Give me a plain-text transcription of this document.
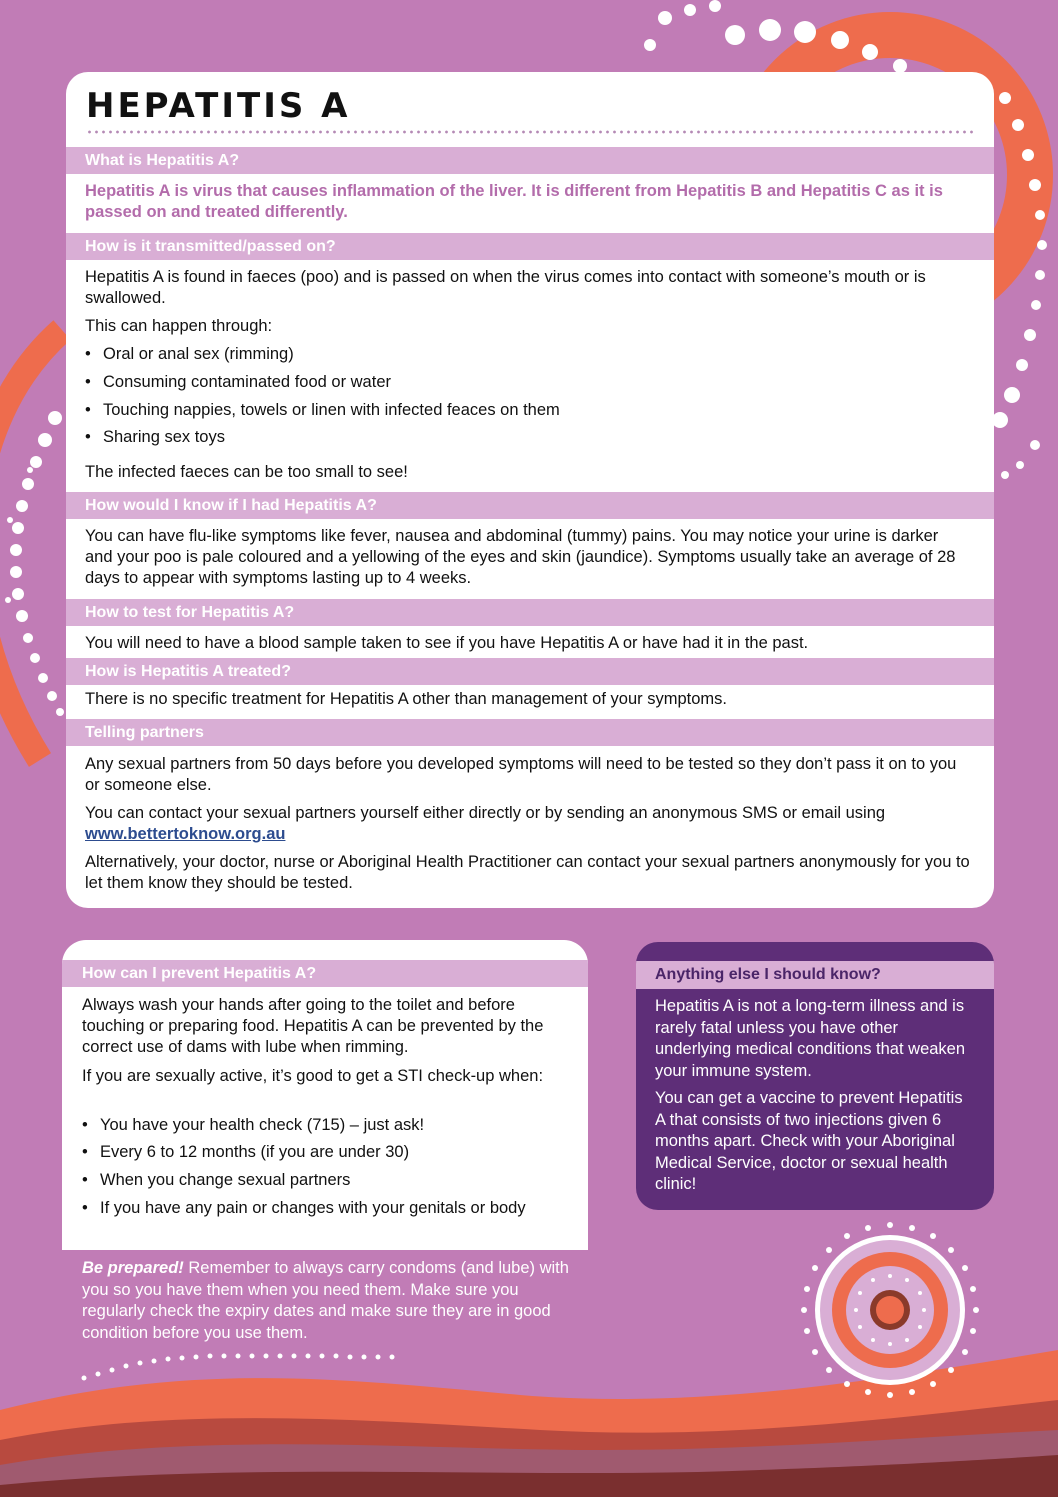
HEPATITIS A
What is Hepatitis A?

Hepatitis A is virus that causes inflammation of the liver. It is different from Hepatitis B and Hepatitis C as it is passed on and treated differently.

How is it transmitted/passed on?

Hepatitis A is found in faeces (poo) and is passed on when the virus comes into contact with someone’s mouth or is swallowed.

This can happen through:

• Oral or anal sex (rimming)
• Consuming contaminated food or water
• Touching nappies, towels or linen with infected feaces on them
• Sharing sex toys

The infected faeces can be too small to see!

How would I know if I had Hepatitis A?

You can have flu-like symptoms like fever, nausea and abdominal (tummy) pains. You may notice your urine is darker and your poo is pale coloured and a yellowing of the eyes and skin (jaundice). Symptoms usually take an average of 28 days to appear with symptoms lasting up to 4 weeks.

How to test for Hepatitis A?

You will need to have a blood sample taken to see if you have Hepatitis A or have had it in the past.

How is Hepatitis A treated?

There is no specific treatment for Hepatitis A other than management of your symptoms.

Telling partners

Any sexual partners from 50 days before you developed symptoms will need to be tested so they don’t pass it on to you or someone else.

You can contact your sexual partners yourself either directly or by sending an anonymous SMS or email using
www.bettertoknow.org.au

Alternatively, your doctor, nurse or Aboriginal Health Practitioner can contact your sexual partners anonymously for you to let them know they should be tested.

How can I prevent Hepatitis A?

Always wash your hands after going to the toilet and before touching or preparing food. Hepatitis A can be prevented by the correct use of dams with lube when rimming.

If you are sexually active, it’s good to get a STI check-up when:

• You have your health check (715) – just ask!
• Every 6 to 12 months (if you are under 30)
• When you change sexual partners
• If you have any pain or changes with your genitals or body

Be prepared! Remember to always carry condoms (and lube) with you so you have them when you need them. Make sure you regularly check the expiry dates and make sure they are in good condition before you use them.

Anything else I should know?

Hepatitis A is not a long-term illness and is rarely fatal unless you have other underlying medical conditions that weaken your immune system.

You can get a vaccine to prevent Hepatitis A that consists of two injections given 6 months apart. Check with your Aboriginal Medical Service, doctor or sexual health clinic!
